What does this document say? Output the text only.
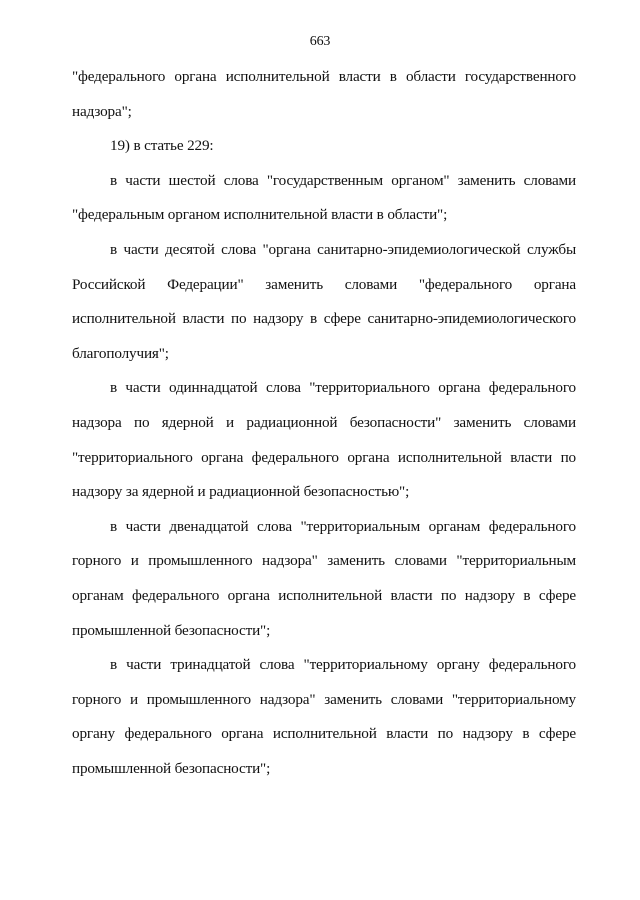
663

"федерального органа исполнительной власти в области государственного надзора";

19) в статье 229:

в части шестой слова "государственным органом" заменить словами "федеральным органом исполнительной власти в области";

в части десятой слова "органа санитарно-эпидемиологической службы Российской Федерации" заменить словами "федерального органа исполнительной власти по надзору в сфере санитарно-эпидемиологического благополучия";

в части одиннадцатой слова "территориального органа федерального надзора по ядерной и радиационной безопасности" заменить словами "территориального органа федерального органа исполнительной власти по надзору за ядерной и радиационной безопасностью";

в части двенадцатой слова "территориальным органам федерального горного и промышленного надзора" заменить словами "территориальным органам федерального органа исполнительной власти по надзору в сфере промышленной безопасности";

в части тринадцатой слова "территориальному органу федерального горного и промышленного надзора" заменить словами "территориальному органу федерального органа исполнительной власти по надзору в сфере промышленной безопасности";
